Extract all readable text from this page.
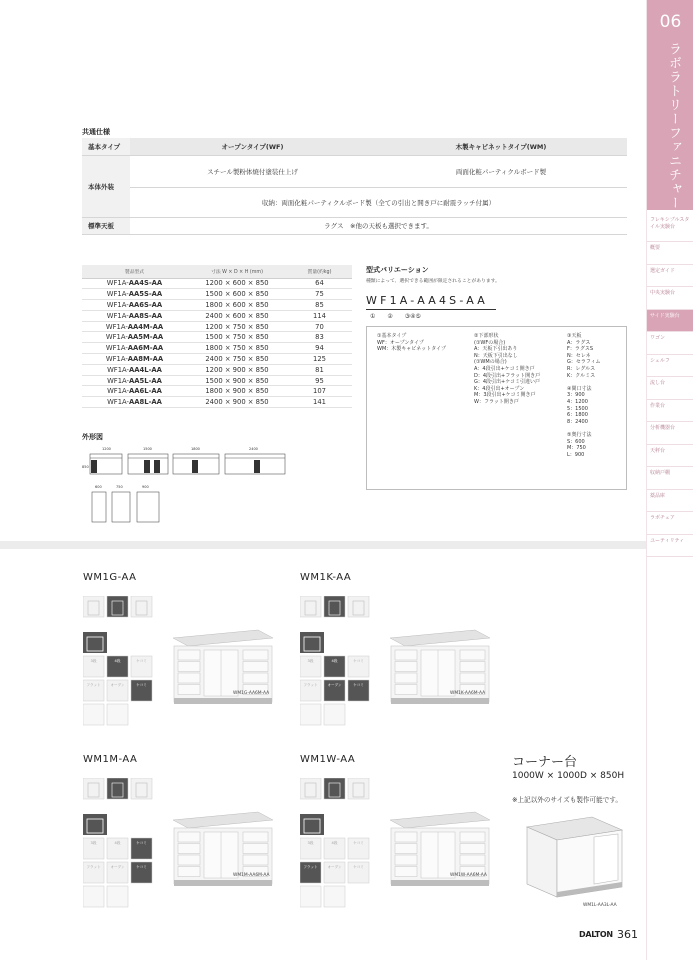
06
ラボラトリーファニチャー
フレキシブルスタイル実験台
概要
選定ガイド
中央実験台
サイド実験台
ワゴン
シェルフ
流し台
作業台
分析機器台
天秤台
収納戸棚
薬品庫
ラボチェア
ユーティリティ
共通仕様
基本タイプ	オープンタイプ(WF)	木製キャビネットタイプ(WM)
本体外装	スチール製粉体焼付塗装仕上げ	両面化粧パーティクルボード製
	収納：両面化粧パーティクルボード製（全ての引出と開き戸に耐震ラッチ付属）	
標準天板	ラグス　※他の天板も選択できます。	
製品型式	寸法 W × D × H (mm)	質量(約kg)
WF1A-AA4S-AA	1200 × 600 × 850	64
WF1A-AA5S-AA	1500 × 600 × 850	75
WF1A-AA6S-AA	1800 × 600 × 850	85
WF1A-AA8S-AA	2400 × 600 × 850	114
WF1A-AA4M-AA	1200 × 750 × 850	70
WF1A-AA5M-AA	1500 × 750 × 850	83
WF1A-AA6M-AA	1800 × 750 × 850	94
WF1A-AA8M-AA	2400 × 750 × 850	125
WF1A-AA4L-AA	1200 × 900 × 850	81
WF1A-AA5L-AA	1500 × 900 × 850	95
WF1A-AA6L-AA	1800 × 900 × 850	107
WF1A-AA8L-AA	2400 × 900 × 850	141
型式バリエーション
種類によって、選択できる範囲が限定されることがあります。
WF1A-AA4S-AA
①　　②　　③④⑤
①基本タイプ
WF：オープンタイプ
WM：木製キャビネットタイプ
②下部形状
(①WFの場合)
A：天板下引出あり
N：天板下引出なし
(①WMの場合)
A：4段引出+ケコミ開き戸
D：4段引出+フラット開き戸
G：4段引出+ケコミ引違い戸
K：4段引出+オープン
M：3段引出+ケコミ開き戸
W：フラット開き戸
③天板
A：ラグス
F：ラグスS
N：セレネ
G：セラフィム
R：レグルス
K：クルミス
④間口寸法
3：900
4：1200
5：1500
6：1800
8：2400
⑤奥行寸法
S：600
M：750
L：900
外形図
1200	1500	1800	2400
600	750	900
850
WM1G-AA
3段	4段	ケコミ
フラット	オープン	ケコミ
WM1G-AA6M-AA
WM1K-AA
3段	4段	ケコミ
フラット	オープン	ケコミ
WM1K-AA6M-AA
WM1M-AA
3段	4段	ケコミ
フラット	オープン	ケコミ
WM1M-AA6M-AA
WM1W-AA
3段	4段	ケコミ
フラット	オープン	ケコミ
WM1W-AA6M-AA
コーナー台
1000W × 1000D × 850H
※上記以外のサイズも製作可能です。
WM1L-AA3L-AA
DALTON 361
